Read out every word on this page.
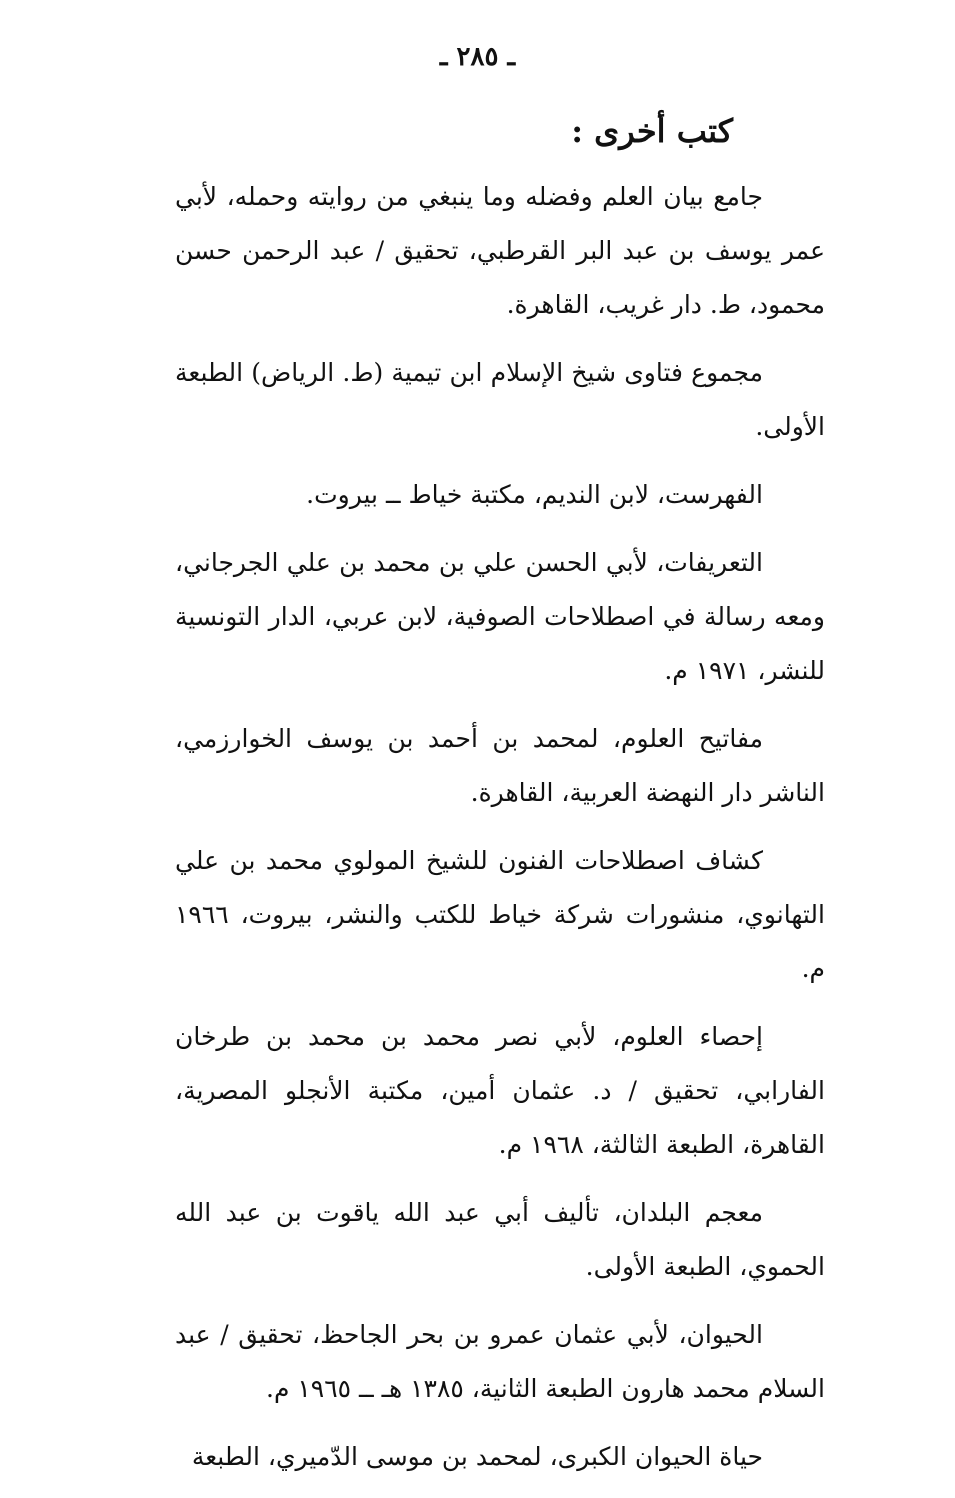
ـ ٢٨٥ ـ
كتب أخرى :

جامع بيان العلم وفضله وما ينبغي من روايته وحمله، لأبي عمر يوسف بن عبد البر القرطبي، تحقيق / عبد الرحمن حسن محمود، ط. دار غريب، القاهرة.

مجموع فتاوى شيخ الإسلام ابن تيمية (ط. الرياض) الطبعة الأولى.

الفهرست، لابن النديم، مكتبة خياط ــ بيروت.

التعريفات، لأبي الحسن علي بن محمد بن علي الجرجاني، ومعه رسالة في اصطلاحات الصوفية، لابن عربي، الدار التونسية للنشر، ١٩٧١ م.

مفاتيح العلوم، لمحمد بن أحمد بن يوسف الخوارزمي، الناشر دار النهضة العربية، القاهرة.

كشاف اصطلاحات الفنون للشيخ المولوي محمد بن علي التهانوي، منشورات شركة خياط للكتب والنشر، بيروت، ١٩٦٦ م.

إحصاء العلوم، لأبي نصر محمد بن محمد بن طرخان الفارابي، تحقيق / د. عثمان أمين، مكتبة الأنجلو المصرية، القاهرة، الطبعة الثالثة، ١٩٦٨ م.

معجم البلدان، تأليف أبي عبد الله ياقوت بن عبد الله الحموي، الطبعة الأولى.

الحيوان، لأبي عثمان عمرو بن بحر الجاحظ، تحقيق / عبد السلام محمد هارون الطبعة الثانية، ١٣٨٥ هـ ــ ١٩٦٥ م.

حياة الحيوان الكبرى، لمحمد بن موسى الدّميري، الطبعة
